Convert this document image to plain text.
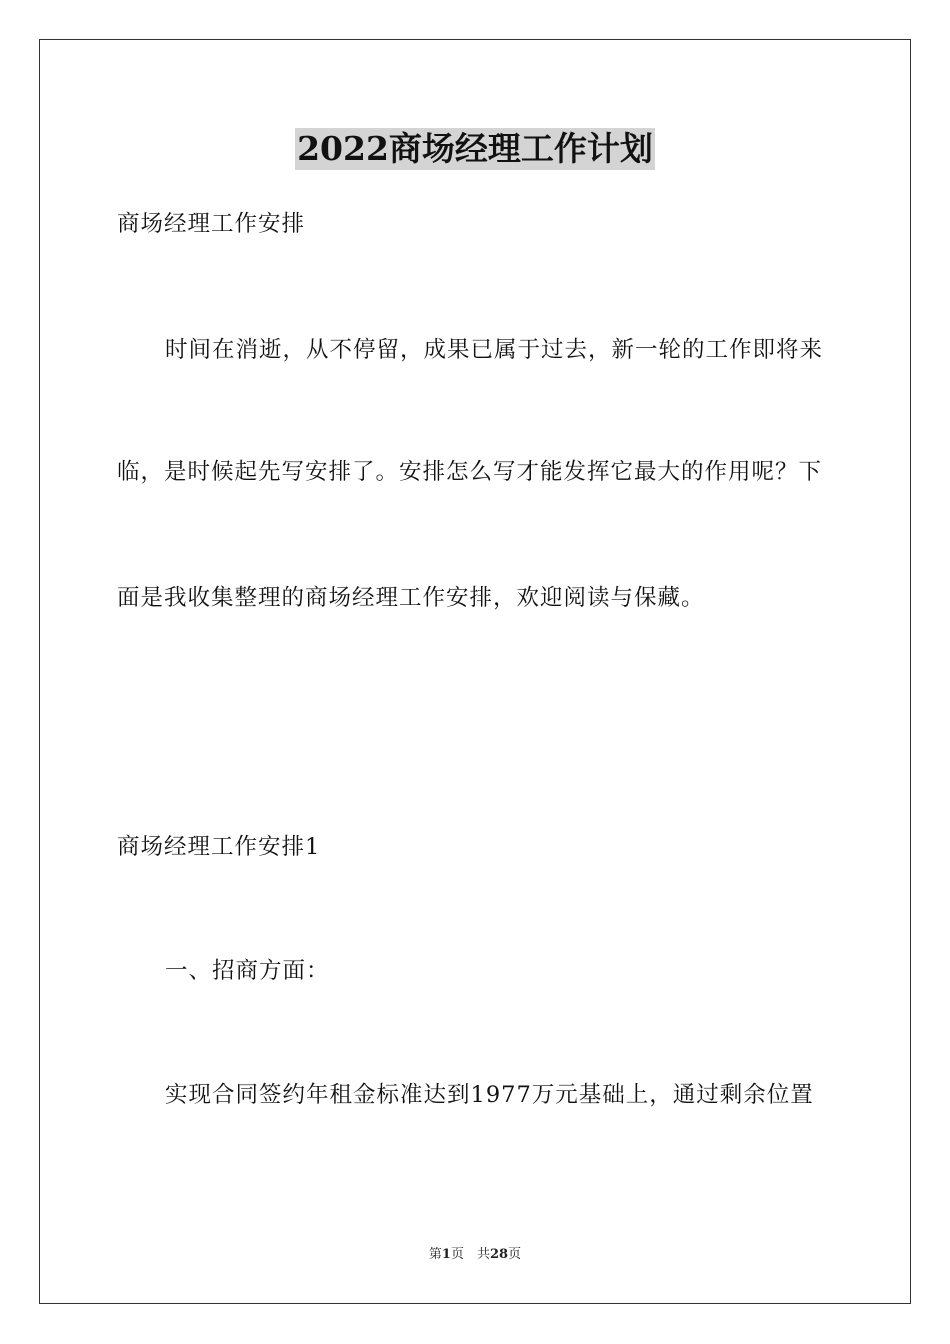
2022商场经理工作计划
商场经理工作安排
时间在消逝，从不停留，成果已属于过去，新一轮的工作即将来
临，是时候起先写安排了。安排怎么写才能发挥它最大的作用呢？下
面是我收集整理的商场经理工作安排，欢迎阅读与保藏。
商场经理工作安排1
一、招商方面：
实现合同签约年租金标准达到1977万元基础上，通过剩余位置
第1页　共28页
